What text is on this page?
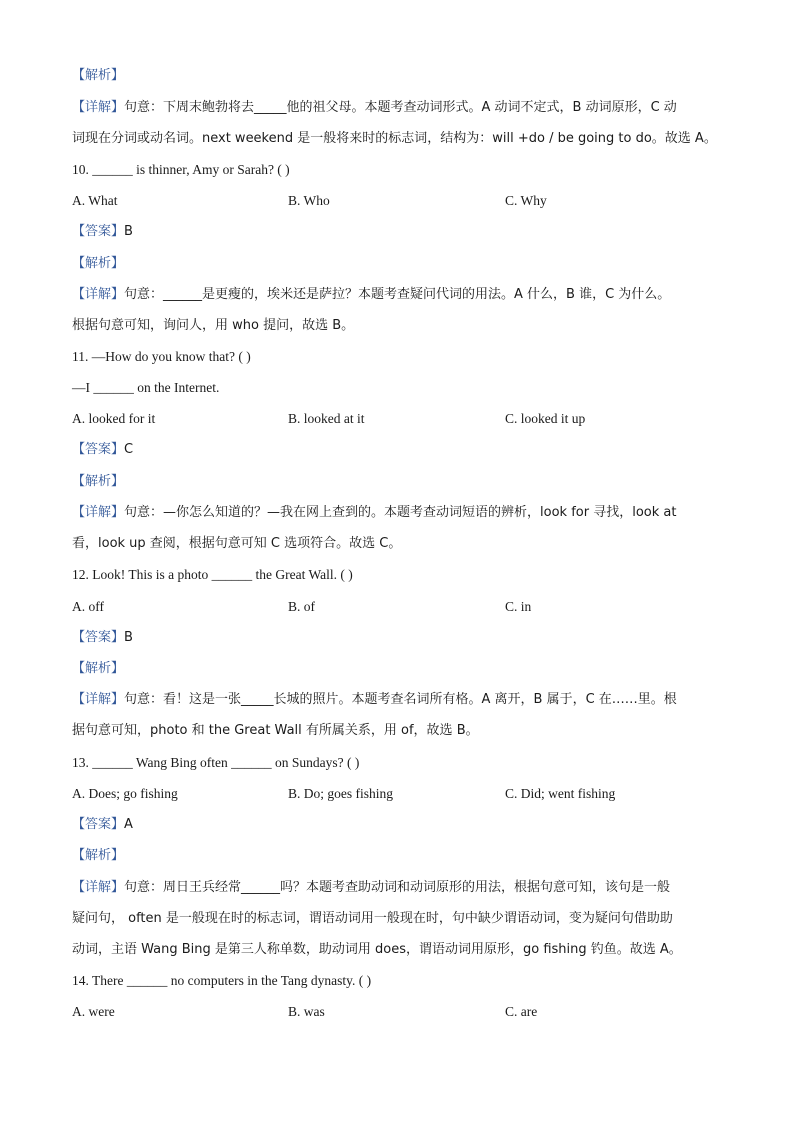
【解析】
【详解】句意：下周末鲍勃将去_____他的祖父母。本题考查动词形式。A 动词不定式，B 动词原形，C 动
词现在分词或动名词。next weekend 是一般将来时的标志词，结构为：will +do / be going to do。故选 A。
10. ______ is thinner, Amy or Sarah? ( )
A. What	B. Who	C. Why
【答案】B
【解析】
【详解】句意：______是更瘦的，埃米还是萨拉？本题考查疑问代词的用法。A 什么，B 谁，C 为什么。
根据句意可知，询问人，用 who 提问，故选 B。
11. —How do you know that? ( )
—I ______ on the Internet.
A. looked for it	B. looked at it	C. looked it up
【答案】C
【解析】
【详解】句意：—你怎么知道的？—我在网上查到的。本题考查动词短语的辨析，look for 寻找，look at
看，look up 查阅，根据句意可知 C 选项符合。故选 C。
12. Look! This is a photo ______ the Great Wall. ( )
A. off	B. of	C. in
【答案】B
【解析】
【详解】句意：看！这是一张_____长城的照片。本题考查名词所有格。A 离开，B 属于，C 在……里。根
据句意可知，photo 和 the Great Wall 有所属关系，用 of，故选 B。
13. ______ Wang Bing often ______ on Sundays? ( )
A. Does; go fishing	B. Do; goes fishing	C. Did; went fishing
【答案】A
【解析】
【详解】句意：周日王兵经常______吗？本题考查助动词和动词原形的用法，根据句意可知，该句是一般
疑问句， often 是一般现在时的标志词，谓语动词用一般现在时，句中缺少谓语动词，变为疑问句借助助
动词，主语 Wang Bing 是第三人称单数，助动词用 does，谓语动词用原形，go fishing 钓鱼。故选 A。
14. There ______ no computers in the Tang dynasty. ( )
A. were	B. was	C. are
